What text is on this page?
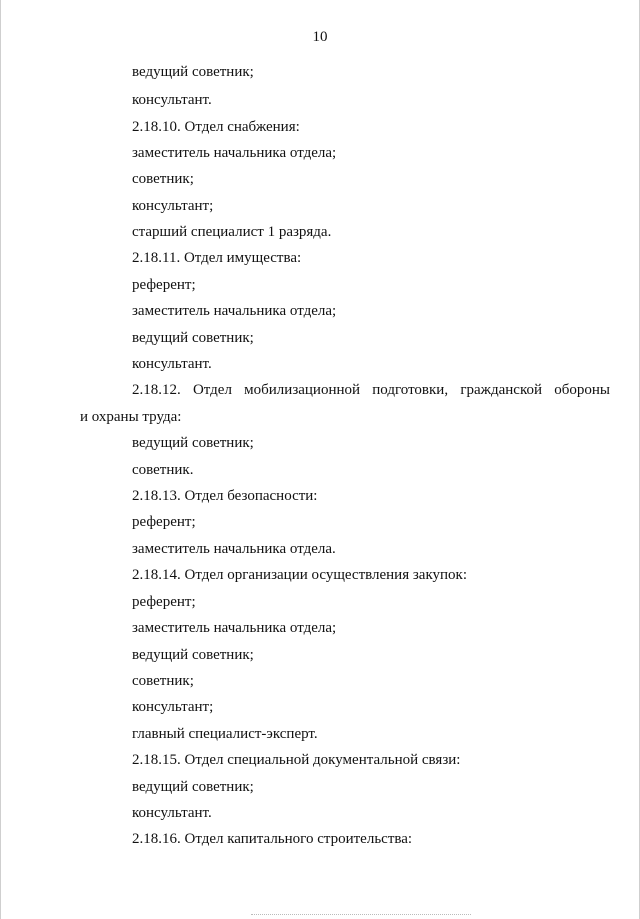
10
ведущий советник;
консультант.
2.18.10. Отдел снабжения:
заместитель начальника отдела;
советник;
консультант;
старший специалист 1 разряда.
2.18.11. Отдел имущества:
референт;
заместитель начальника отдела;
ведущий советник;
консультант.
2.18.12. Отдел мобилизационной подготовки, гражданской обороны
и охраны труда:
ведущий советник;
советник.
2.18.13. Отдел безопасности:
референт;
заместитель начальника отдела.
2.18.14. Отдел организации осуществления закупок:
референт;
заместитель начальника отдела;
ведущий советник;
советник;
консультант;
главный специалист-эксперт.
2.18.15. Отдел специальной документальной связи:
ведущий советник;
консультант.
2.18.16. Отдел капитального строительства:
